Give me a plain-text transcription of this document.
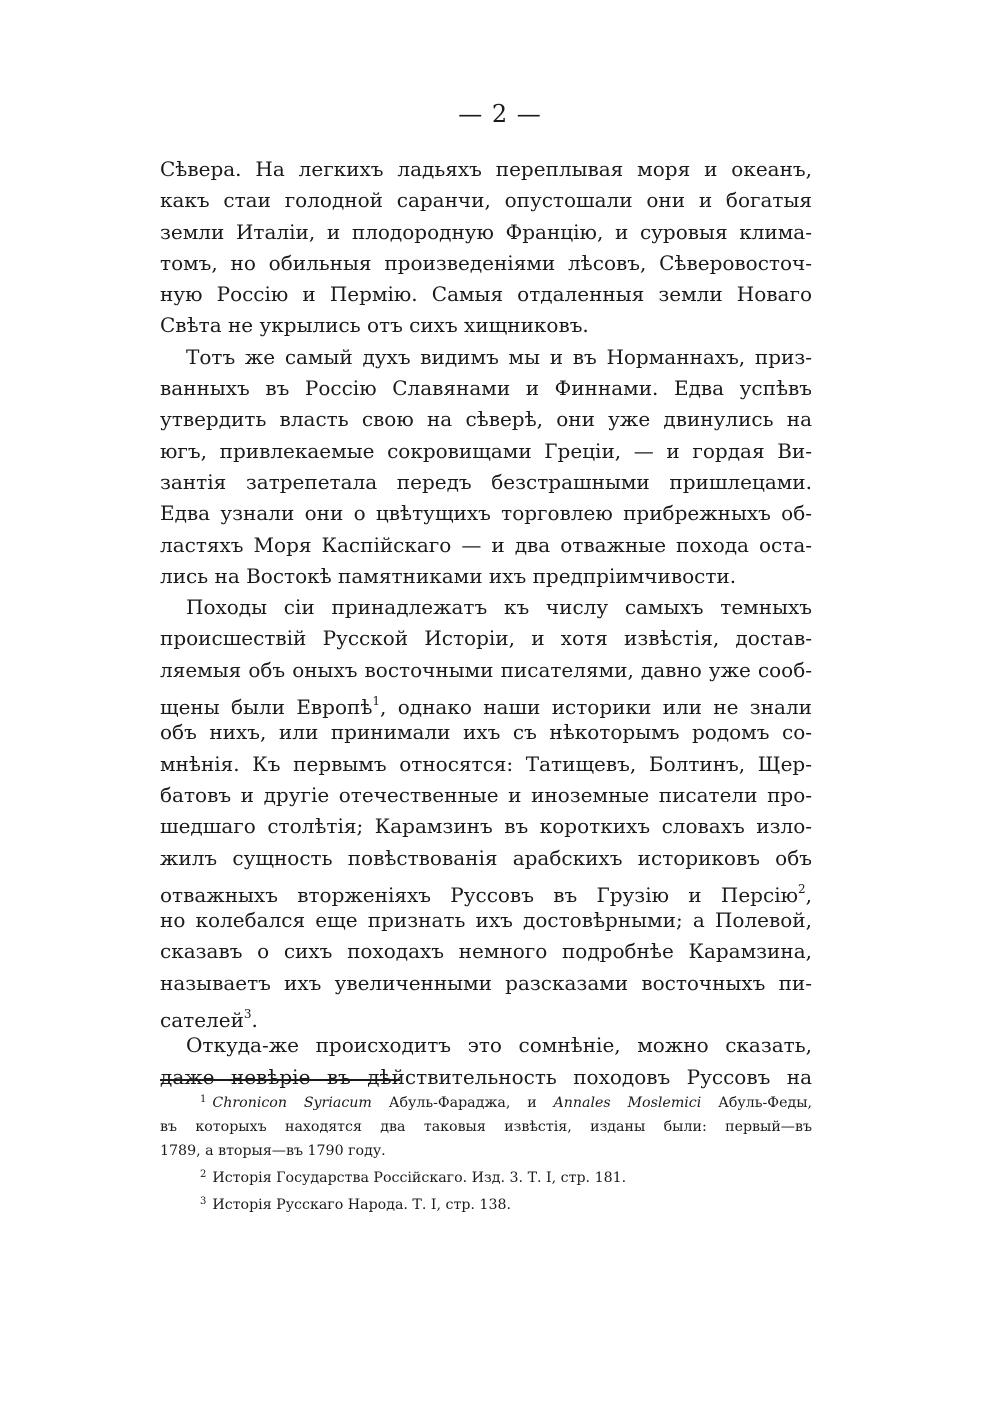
— 2 —
Сѣвера. На легкихъ ладьяхъ переплывая моря и океанъ,
какъ стаи голодной саранчи, опустошали они и богатыя
земли Италіи, и плодородную Францію, и суровыя клима-
томъ, но обильныя произведеніями лѣсовъ, Сѣверовосточ-
ную Россію и Пермію. Самыя отдаленныя земли Новаго
Свѣта не укрылись отъ сихъ хищниковъ.
Тотъ же самый духъ видимъ мы и въ Норманнахъ, приз-
ванныхъ въ Россію Славянами и Финнами. Едва успѣвъ
утвердить власть свою на сѣверѣ, они уже двинулись на
югъ, привлекаемые сокровищами Греціи, — и гордая Ви-
зантія затрепетала передъ безстрашными пришлецами.
Едва узнали они о цвѣтущихъ торговлею прибрежныхъ об-
ластяхъ Моря Каспійскаго — и два отважные похода оста-
лись на Востокѣ памятниками ихъ предпріимчивости.
Походы сіи принадлежатъ къ числу самыхъ темныхъ
происшествій Русской Исторіи, и хотя извѣстія, достав-
ляемыя объ оныхъ восточными писателями, давно уже сооб-
щены были Европѣ$^1$, однако наши историки или не знали
объ нихъ, или принимали ихъ съ нѣкоторымъ родомъ со-
мнѣнія. Къ первымъ относятся: Татищевъ, Болтинъ, Щер-
батовъ и другіе отечественные и иноземные писатели про-
шедшаго столѣтія; Карамзинъ въ короткихъ словахъ изло-
жилъ сущность повѣствованія арабскихъ историковъ объ
отважныхъ вторженіяхъ Руссовъ въ Грузію и Персію$^2$,
но колебался еще признать ихъ достовѣрными; а Полевой,
сказавъ о сихъ походахъ немного подробнѣе Карамзина,
называетъ ихъ увеличенными разсказами восточныхъ пи-
сателей$^3$.
Откуда-же происходитъ это сомнѣніе, можно сказать,
даже невѣріе въ дѣйствительность походовъ Руссовъ на
$^1$ Chronicon Syriacum Абуль-Фараджа, и Annales Moslemici Абуль-Феды,
въ которыхъ находятся два таковыя извѣстія, изданы были: первый—въ
1789, а вторыя—въ 1790 году.
$^2$ Исторія Государства Россійскаго. Изд. 3. Т. I, стр. 181.
$^3$ Исторія Русскаго Народа. Т. I, стр. 138.
